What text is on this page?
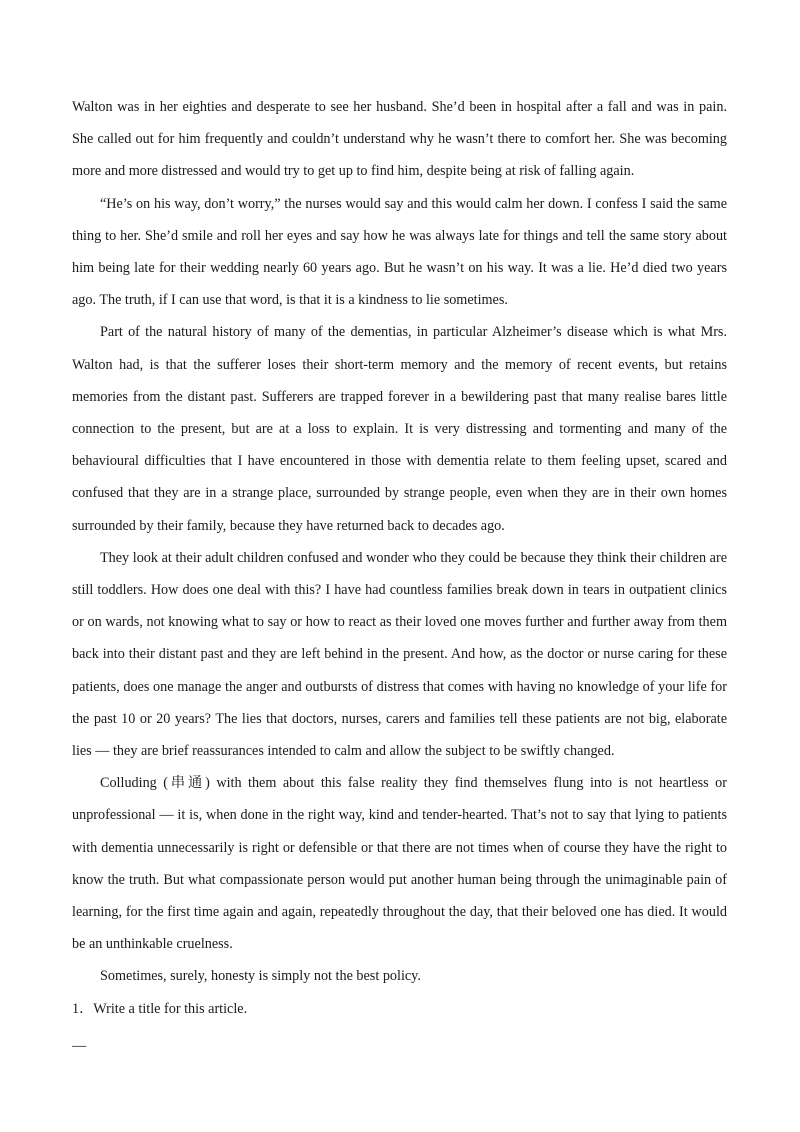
Walton was in her eighties and desperate to see her husband. She’d been in hospital after a fall and was in pain. She called out for him frequently and couldn’t understand why he wasn’t there to comfort her. She was becoming more and more distressed and would try to get up to find him, despite being at risk of falling again.

“He’s on his way, don’t worry,” the nurses would say and this would calm her down. I confess I said the same thing to her. She’d smile and roll her eyes and say how he was always late for things and tell the same story about him being late for their wedding nearly 60 years ago. But he wasn’t on his way. It was a lie. He’d died two years ago. The truth, if I can use that word, is that it is a kindness to lie sometimes.

Part of the natural history of many of the dementias, in particular Alzheimer’s disease which is what Mrs. Walton had, is that the sufferer loses their short-term memory and the memory of recent events, but retains memories from the distant past. Sufferers are trapped forever in a bewildering past that many realise bares little connection to the present, but are at a loss to explain. It is very distressing and tormenting and many of the behavioural difficulties that I have encountered in those with dementia relate to them feeling upset, scared and confused that they are in a strange place, surrounded by strange people, even when they are in their own homes surrounded by their family, because they have returned back to decades ago.

They look at their adult children confused and wonder who they could be because they think their children are still toddlers. How does one deal with this? I have had countless families break down in tears in outpatient clinics or on wards, not knowing what to say or how to react as their loved one moves further and further away from them back into their distant past and they are left behind in the present. And how, as the doctor or nurse caring for these patients, does one manage the anger and outbursts of distress that comes with having no knowledge of your life for the past 10 or 20 years? The lies that doctors, nurses, carers and families tell these patients are not big, elaborate lies — they are brief reassurances intended to calm and allow the subject to be swiftly changed.

Colluding (串通) with them about this false reality they find themselves flung into is not heartless or unprofessional — it is, when done in the right way, kind and tender-hearted. That’s not to say that lying to patients with dementia unnecessarily is right or defensible or that there are not times when of course they have the right to know the truth. But what compassionate person would put another human being through the unimaginable pain of learning, for the first time again and again, repeatedly throughout the day, that their beloved one has died. It would be an unthinkable cruelness.

Sometimes, surely, honesty is simply not the best policy.

1．Write a title for this article.

__
